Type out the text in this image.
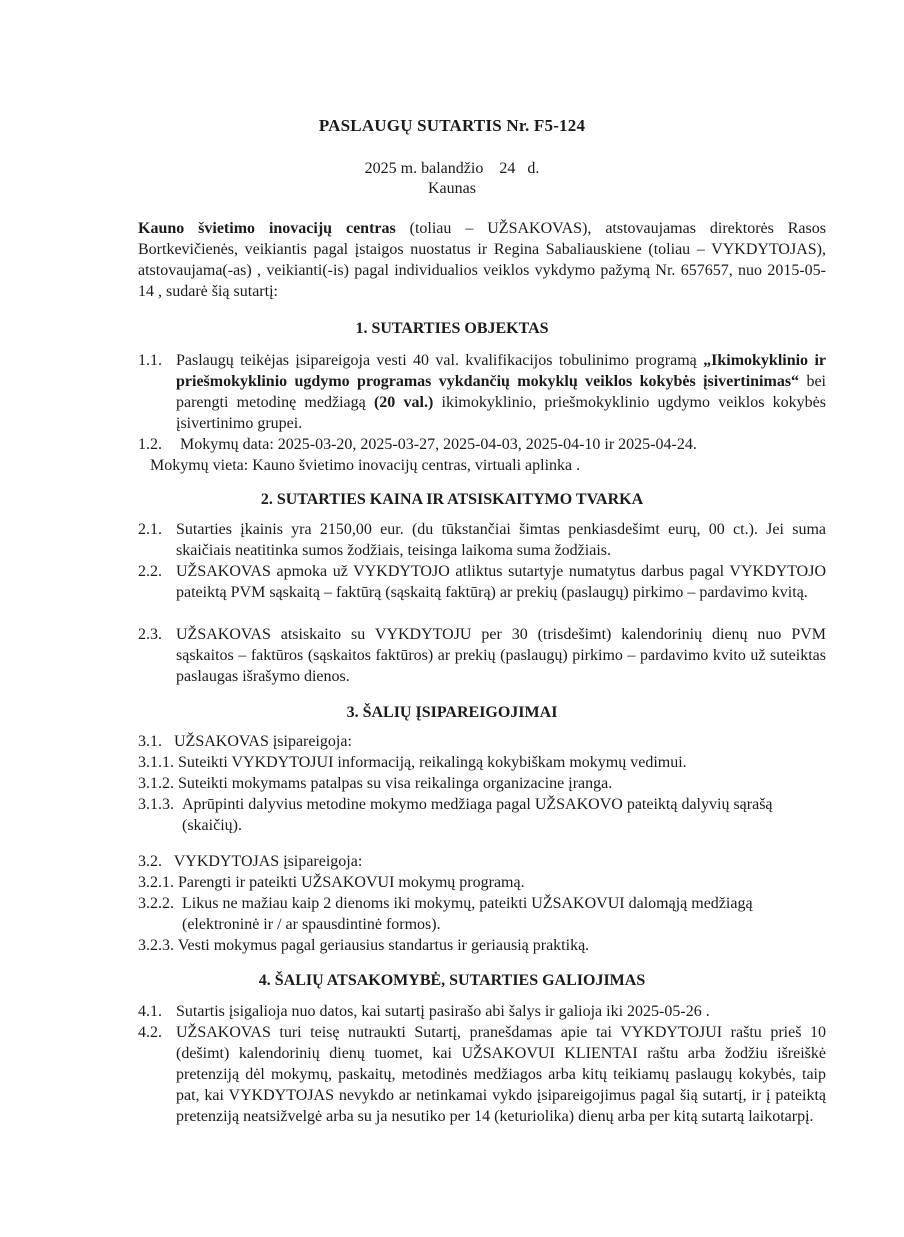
PASLAUGŲ SUTARTIS Nr. F5-124
2025 m. balandžio    24   d.
Kaunas
Kauno švietimo inovacijų centras (toliau – UŽSAKOVAS), atstovaujamas direktorės Rasos Bortkevičienės, veikiantis pagal įstaigos nuostatus ir Regina Sabaliauskiene (toliau – VYKDYTOJAS), atstovaujama(-as) , veikianti(-is) pagal individualios veiklos vykdymo pažymą Nr. 657657, nuo 2015-05-14 , sudarė šią sutartį:
1. SUTARTIES OBJEKTAS
1.1. Paslaugų teikėjas įsipareigoja vesti 40 val. kvalifikacijos tobulinimo programą „Ikimokyklinio ir priešmokyklinio ugdymo programas vykdančių mokyklų veiklos kokybės įsivertinimas“ bei parengti metodinę medžiagą (20 val.) ikimokyklinio, priešmokyklinio ugdymo veiklos kokybės įsivertinimo grupei.
1.2.	Mokymų data: 2025-03-20, 2025-03-27, 2025-04-03, 2025-04-10 ir 2025-04-24.
Mokymų vieta: Kauno švietimo inovacijų centras, virtuali aplinka .
2. SUTARTIES KAINA IR ATSISKAITYMO TVARKA
2.1. Sutarties įkainis yra 2150,00 eur. (du tūkstančiai šimtas penkiasdešimt eurų, 00 ct.). Jei suma skaičiais neatitinka sumos žodžiais, teisinga laikoma suma žodžiais.
2.2. UŽSAKOVAS apmoka už VYKDYTOJO atliktus sutartyje numatytus darbus pagal VYKDYTOJO pateiktą PVM sąskaitą – faktūrą (sąskaitą faktūrą) ar prekių (paslaugų) pirkimo – pardavimo kvitą.
2.3. UŽSAKOVAS atsiskaito su VYKDYTOJU per 30 (trisdešimt) kalendorinių dienų nuo PVM sąskaitos – faktūros (sąskaitos faktūros) ar prekių (paslaugų) pirkimo – pardavimo kvito už suteiktas paslaugas išrašymo dienos.
3. ŠALIŲ ĮSIPAREIGOJIMAI
3.1.   UŽSAKOVAS įsipareigoja:
3.1.1. Suteikti VYKDYTOJUI informaciją, reikalingą kokybiškam mokymų vedimui.
3.1.2. Suteikti mokymams patalpas su visa reikalinga organizacine įranga.
3.1.3. Aprūpinti dalyvius metodine mokymo medžiaga pagal UŽSAKOVO pateiktą dalyvių sąrašą (skaičių).
3.2.   VYKDYTOJAS įsipareigoja:
3.2.1. Parengti ir pateikti UŽSAKOVUI mokymų programą.
3.2.2. Likus ne mažiau kaip 2 dienoms iki mokymų, pateikti UŽSAKOVUI dalomąją medžiagą (elektroninė ir / ar spausdintinė formos).
3.2.3. Vesti mokymus pagal geriausius standartus ir geriausią praktiką.
4. ŠALIŲ ATSAKOMYBĖ, SUTARTIES GALIOJIMAS
4.1. Sutartis įsigalioja nuo datos, kai sutartį pasirašo abi šalys ir galioja iki 2025-05-26 .
4.2. UŽSAKOVAS turi teisę nutraukti Sutartį, pranešdamas apie tai VYKDYTOJUI raštu prieš 10 (dešimt) kalendorinių dienų tuomet, kai UŽSAKOVUI KLIENTAI raštu arba žodžiu išreiškė pretenziją dėl mokymų, paskaitų, metodinės medžiagos arba kitų teikiamų paslaugų kokybės, taip pat, kai VYKDYTOJAS nevykdo ar netinkamai vykdo įsipareigojimus pagal šią sutartį, ir į pateiktą pretenziją neatsižvelgė arba su ja nesutiko per 14 (keturiolika) dienų arba per kitą sutartą laikotarpį.
